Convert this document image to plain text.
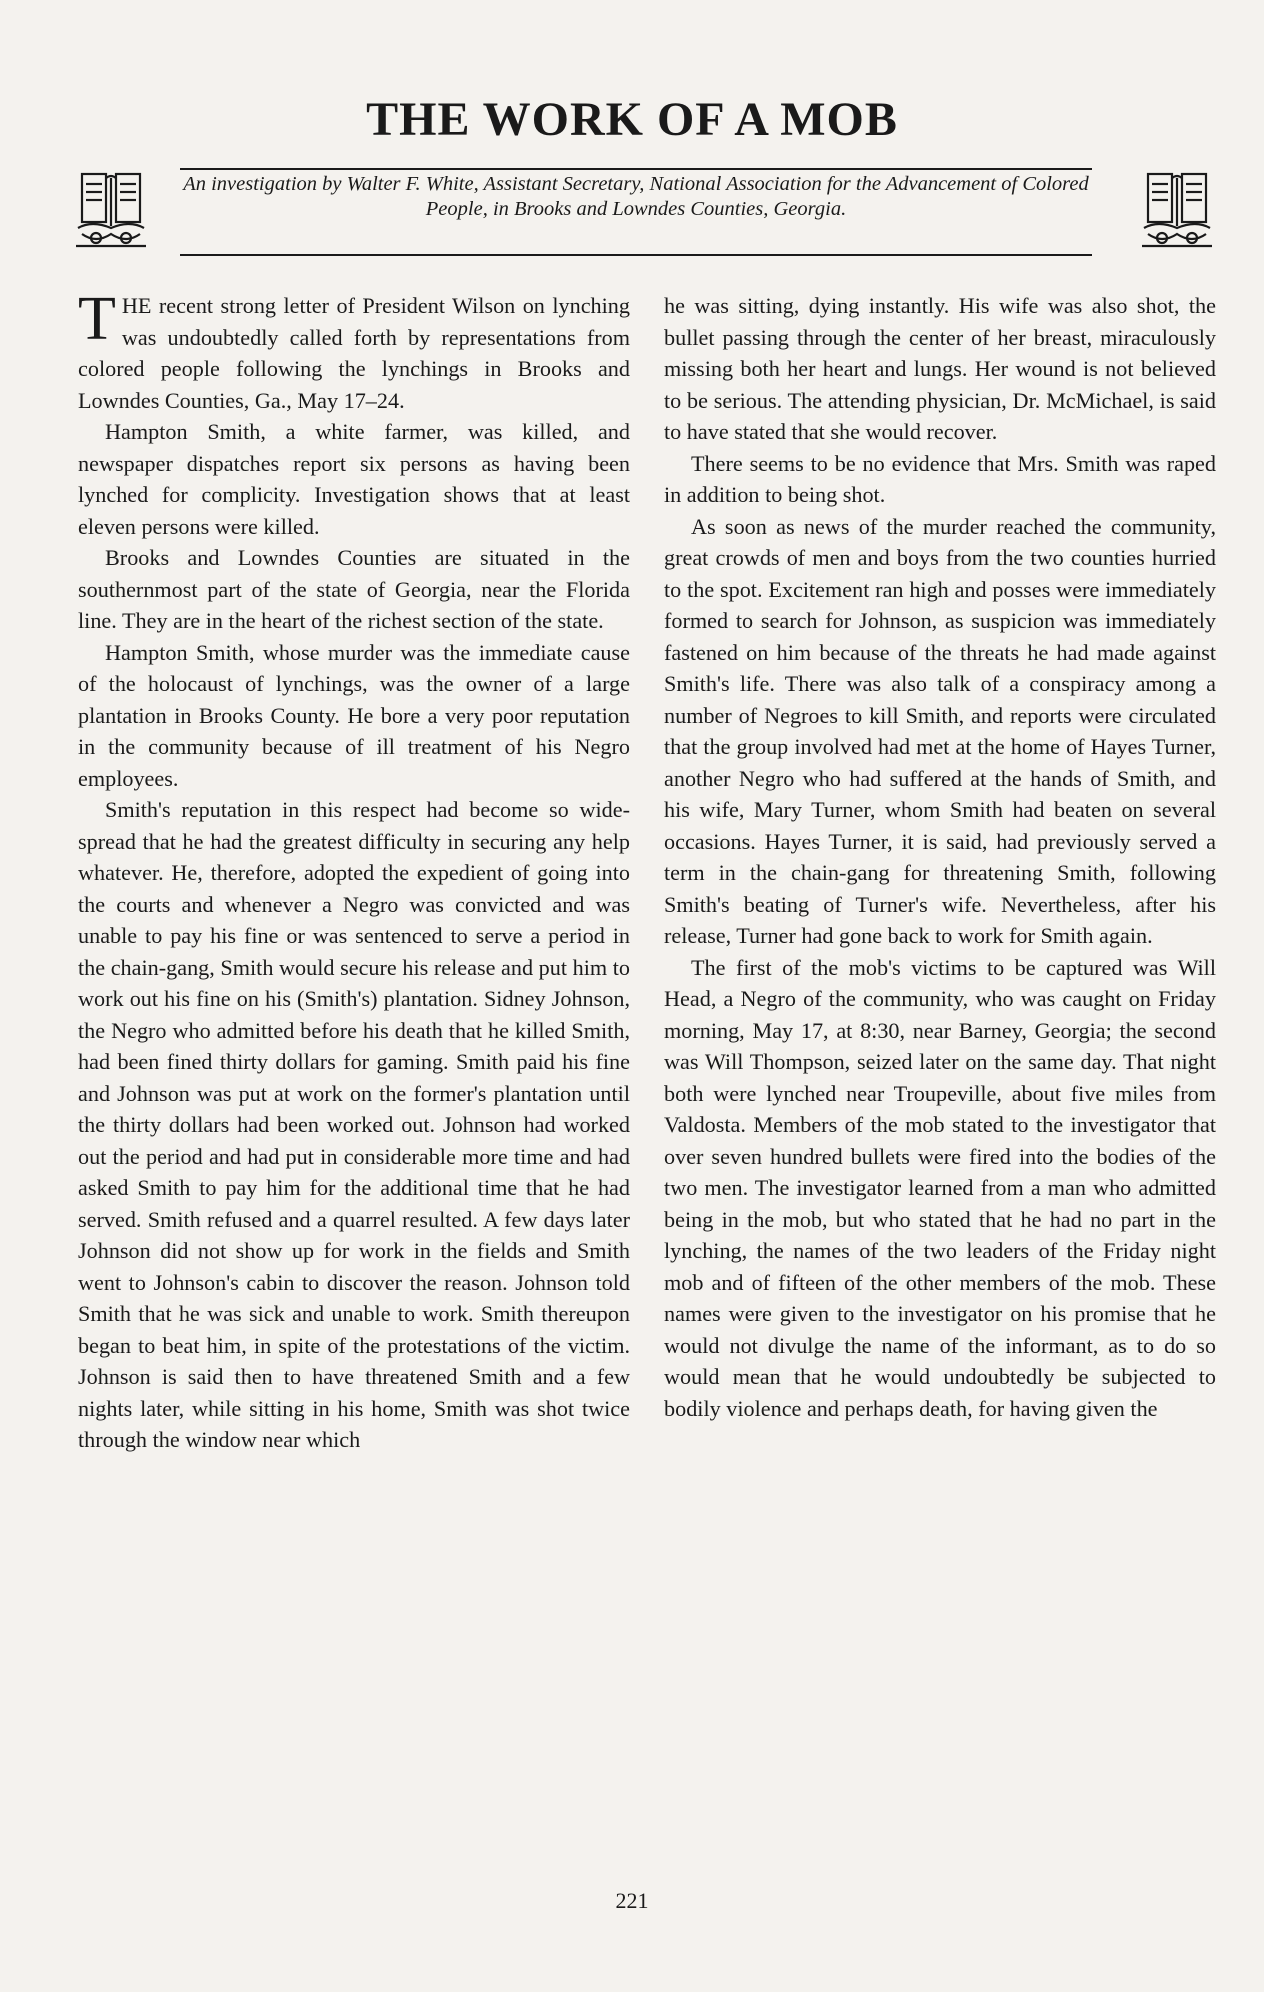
THE WORK OF A MOB

An investigation by Walter F. White, Assistant Secretary, National Association for the Advancement of Colored People, in Brooks and Lowndes Counties, Georgia.

THE recent strong letter of President Wilson on lynching was undoubtedly called forth by representations from colored people following the lynchings in Brooks and Lowndes Counties, Ga., May 17–24.

Hampton Smith, a white farmer, was killed, and newspaper dispatches report six persons as having been lynched for complicity. Investigation shows that at least eleven persons were killed.

Brooks and Lowndes Counties are situated in the southernmost part of the state of Georgia, near the Florida line. They are in the heart of the richest section of the state.

Hampton Smith, whose murder was the immediate cause of the holocaust of lynchings, was the owner of a large plantation in Brooks County. He bore a very poor reputation in the community because of ill treatment of his Negro employees.

Smith's reputation in this respect had become so wide-spread that he had the greatest difficulty in securing any help whatever. He, therefore, adopted the expedient of going into the courts and whenever a Negro was convicted and was unable to pay his fine or was sentenced to serve a period in the chain-gang, Smith would secure his release and put him to work out his fine on his (Smith's) plantation. Sidney Johnson, the Negro who admitted before his death that he killed Smith, had been fined thirty dollars for gaming. Smith paid his fine and Johnson was put at work on the former's plantation until the thirty dollars had been worked out. Johnson had worked out the period and had put in considerable more time and had asked Smith to pay him for the additional time that he had served. Smith refused and a quarrel resulted. A few days later Johnson did not show up for work in the fields and Smith went to Johnson's cabin to discover the reason. Johnson told Smith that he was sick and unable to work. Smith thereupon began to beat him, in spite of the protestations of the victim. Johnson is said then to have threatened Smith and a few nights later, while sitting in his home, Smith was shot twice through the window near which

he was sitting, dying instantly. His wife was also shot, the bullet passing through the center of her breast, miraculously missing both her heart and lungs. Her wound is not believed to be serious. The attending physician, Dr. McMichael, is said to have stated that she would recover.

There seems to be no evidence that Mrs. Smith was raped in addition to being shot.

As soon as news of the murder reached the community, great crowds of men and boys from the two counties hurried to the spot. Excitement ran high and posses were immediately formed to search for Johnson, as suspicion was immediately fastened on him because of the threats he had made against Smith's life. There was also talk of a conspiracy among a number of Negroes to kill Smith, and reports were circulated that the group involved had met at the home of Hayes Turner, another Negro who had suffered at the hands of Smith, and his wife, Mary Turner, whom Smith had beaten on several occasions. Hayes Turner, it is said, had previously served a term in the chain-gang for threatening Smith, following Smith's beating of Turner's wife. Nevertheless, after his release, Turner had gone back to work for Smith again.

The first of the mob's victims to be captured was Will Head, a Negro of the community, who was caught on Friday morning, May 17, at 8:30, near Barney, Georgia; the second was Will Thompson, seized later on the same day. That night both were lynched near Troupeville, about five miles from Valdosta. Members of the mob stated to the investigator that over seven hundred bullets were fired into the bodies of the two men. The investigator learned from a man who admitted being in the mob, but who stated that he had no part in the lynching, the names of the two leaders of the Friday night mob and of fifteen of the other members of the mob. These names were given to the investigator on his promise that he would not divulge the name of the informant, as to do so would mean that he would undoubtedly be subjected to bodily violence and perhaps death, for having given the

221
